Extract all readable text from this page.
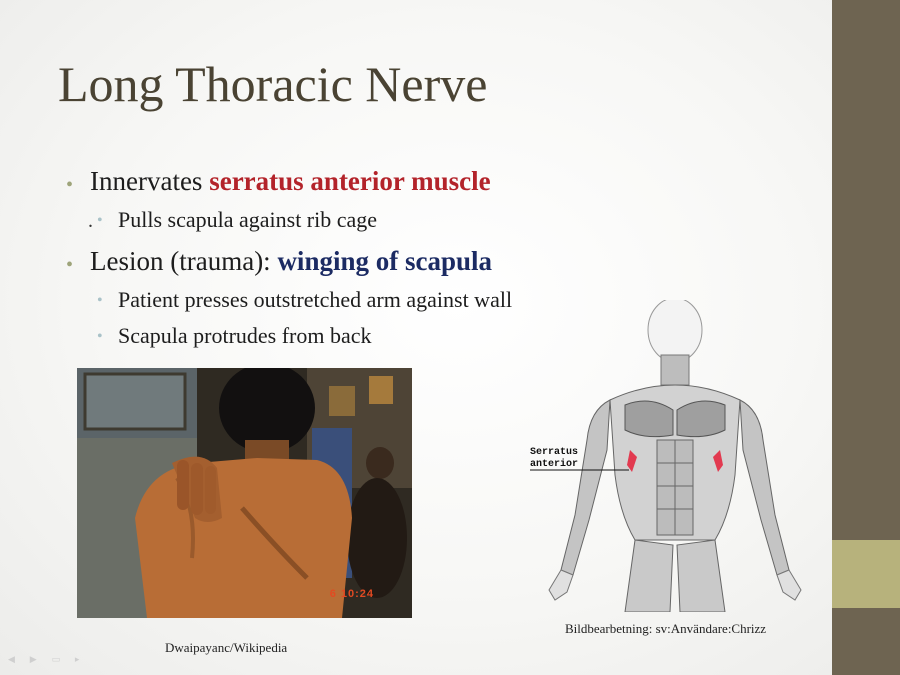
Long Thoracic Nerve
• Innervates serratus anterior muscle
. • Pulls scapula against rib cage
• Lesion (trauma): winging of scapula
• Patient presses outstretched arm against wall
• Scapula protrudes from back
6 10:24
Dwaipayanc/Wikipedia
Serratus
anterior
Bildbearbetning: sv:Användare:Chrizz
◀ ▶ ▭ ▸
